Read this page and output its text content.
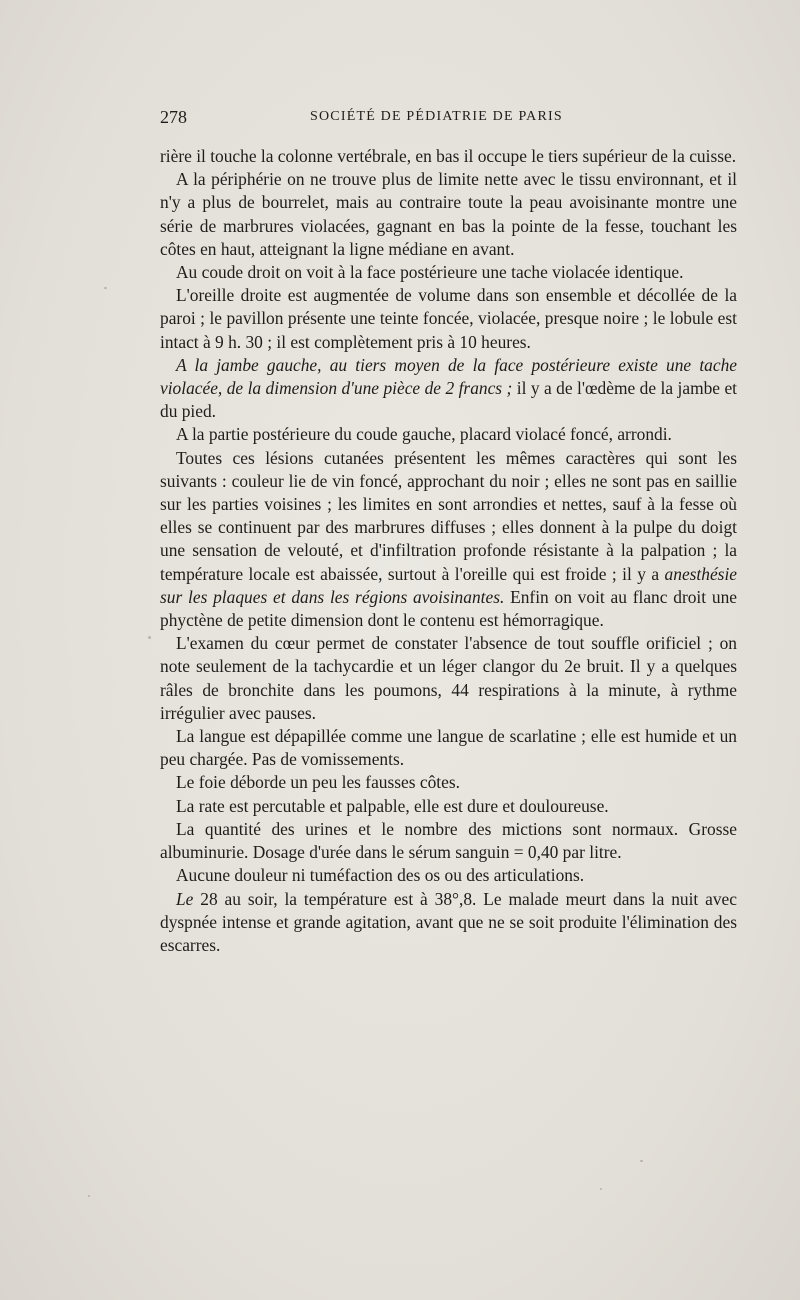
278	SOCIÉTÉ DE PÉDIATRIE DE PARIS

rière il touche la colonne vertébrale, en bas il occupe le tiers supérieur de la cuisse.

A la périphérie on ne trouve plus de limite nette avec le tissu environnant, et il n'y a plus de bourrelet, mais au contraire toute la peau avoisinante montre une série de marbrures violacées, gagnant en bas la pointe de la fesse, touchant les côtes en haut, atteignant la ligne médiane en avant.

Au coude droit on voit à la face postérieure une tache violacée identique.

L'oreille droite est augmentée de volume dans son ensemble et décollée de la paroi ; le pavillon présente une teinte foncée, violacée, presque noire ; le lobule est intact à 9 h. 30 ; il est complètement pris à 10 heures.

A la jambe gauche, au tiers moyen de la face postérieure existe une tache violacée, de la dimension d'une pièce de 2 francs ; il y a de l'œdème de la jambe et du pied.

A la partie postérieure du coude gauche, placard violacé foncé, arrondi.

Toutes ces lésions cutanées présentent les mêmes caractères qui sont les suivants : couleur lie de vin foncé, approchant du noir ; elles ne sont pas en saillie sur les parties voisines ; les limites en sont arrondies et nettes, sauf à la fesse où elles se continuent par des marbrures diffuses ; elles donnent à la pulpe du doigt une sensation de velouté, et d'infiltration profonde résistante à la palpation ; la température locale est abaissée, surtout à l'oreille qui est froide ; il y a anesthésie sur les plaques et dans les régions avoisinantes. Enfin on voit au flanc droit une phyctène de petite dimension dont le contenu est hémorragique.

L'examen du cœur permet de constater l'absence de tout souffle orificiel ; on note seulement de la tachycardie et un léger clangor du 2e bruit. Il y a quelques râles de bronchite dans les poumons, 44 respirations à la minute, à rythme irrégulier avec pauses.

La langue est dépapillée comme une langue de scarlatine ; elle est humide et un peu chargée. Pas de vomissements.

Le foie déborde un peu les fausses côtes.

La rate est percutable et palpable, elle est dure et douloureuse.

La quantité des urines et le nombre des mictions sont normaux. Grosse albuminurie. Dosage d'urée dans le sérum sanguin = 0,40 par litre.

Aucune douleur ni tuméfaction des os ou des articulations.

Le 28 au soir, la température est à 38°,8. Le malade meurt dans la nuit avec dyspnée intense et grande agitation, avant que ne se soit produite l'élimination des escarres.
